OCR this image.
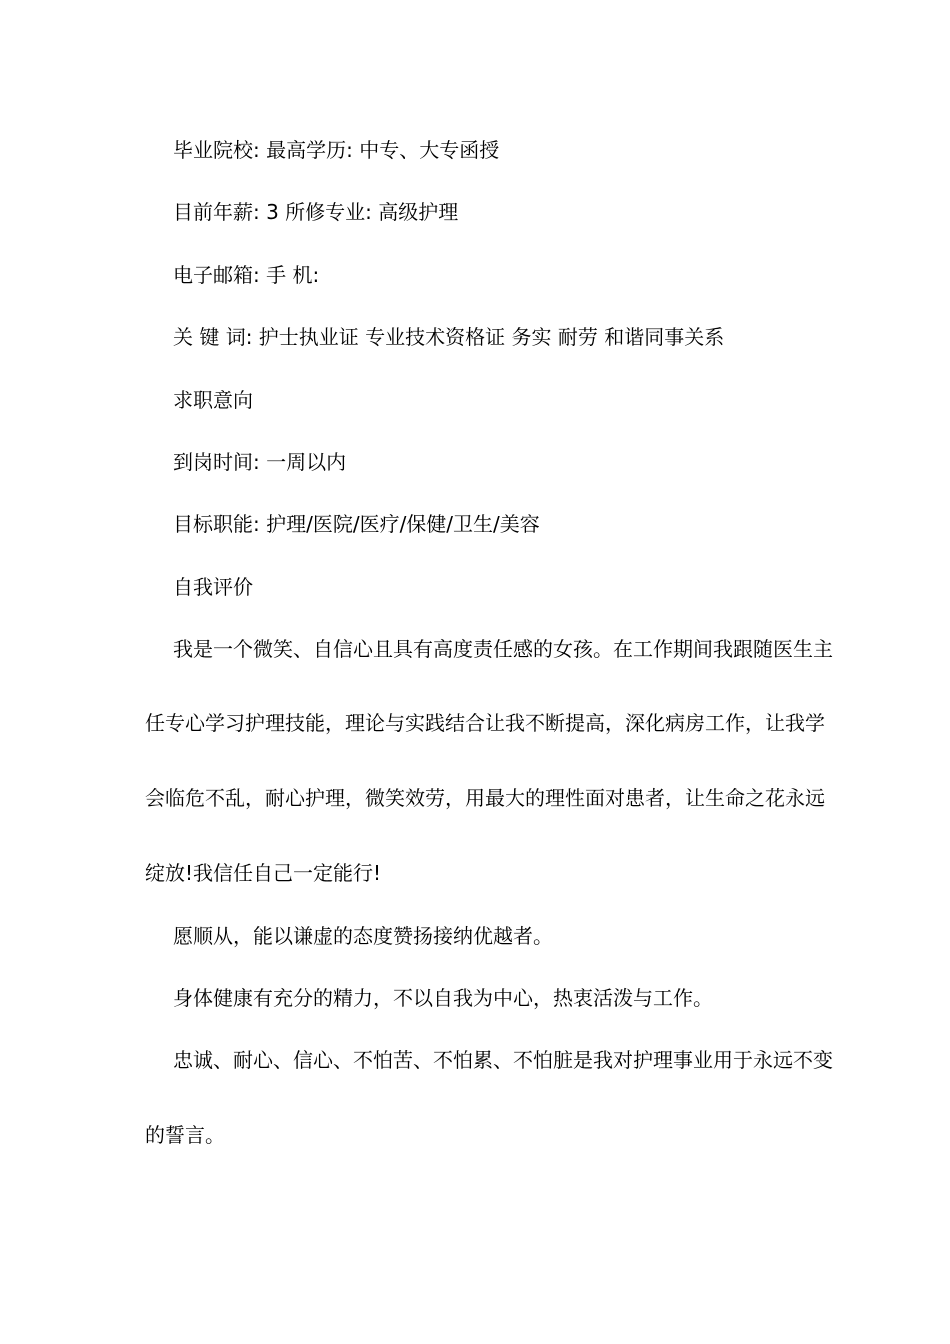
毕业院校: 最高学历: 中专、大专函授
目前年薪: 3 所修专业: 高级护理
电子邮箱: 手 机:
关 键 词: 护士执业证 专业技术资格证 务实 耐劳 和谐同事关系
求职意向
到岗时间: 一周以内
目标职能: 护理/医院/医疗/保健/卫生/美容
自我评价
我是一个微笑、自信心且具有高度责任感的女孩。在工作期间我跟随医生主
任专心学习护理技能，理论与实践结合让我不断提高，深化病房工作，让我学
会临危不乱，耐心护理，微笑效劳，用最大的理性面对患者，让生命之花永远
绽放!我信任自己一定能行!
愿顺从，能以谦虚的态度赞扬接纳优越者。
身体健康有充分的精力，不以自我为中心，热衷活泼与工作。
忠诚、耐心、信心、不怕苦、不怕累、不怕脏是我对护理事业用于永远不变
的誓言。
